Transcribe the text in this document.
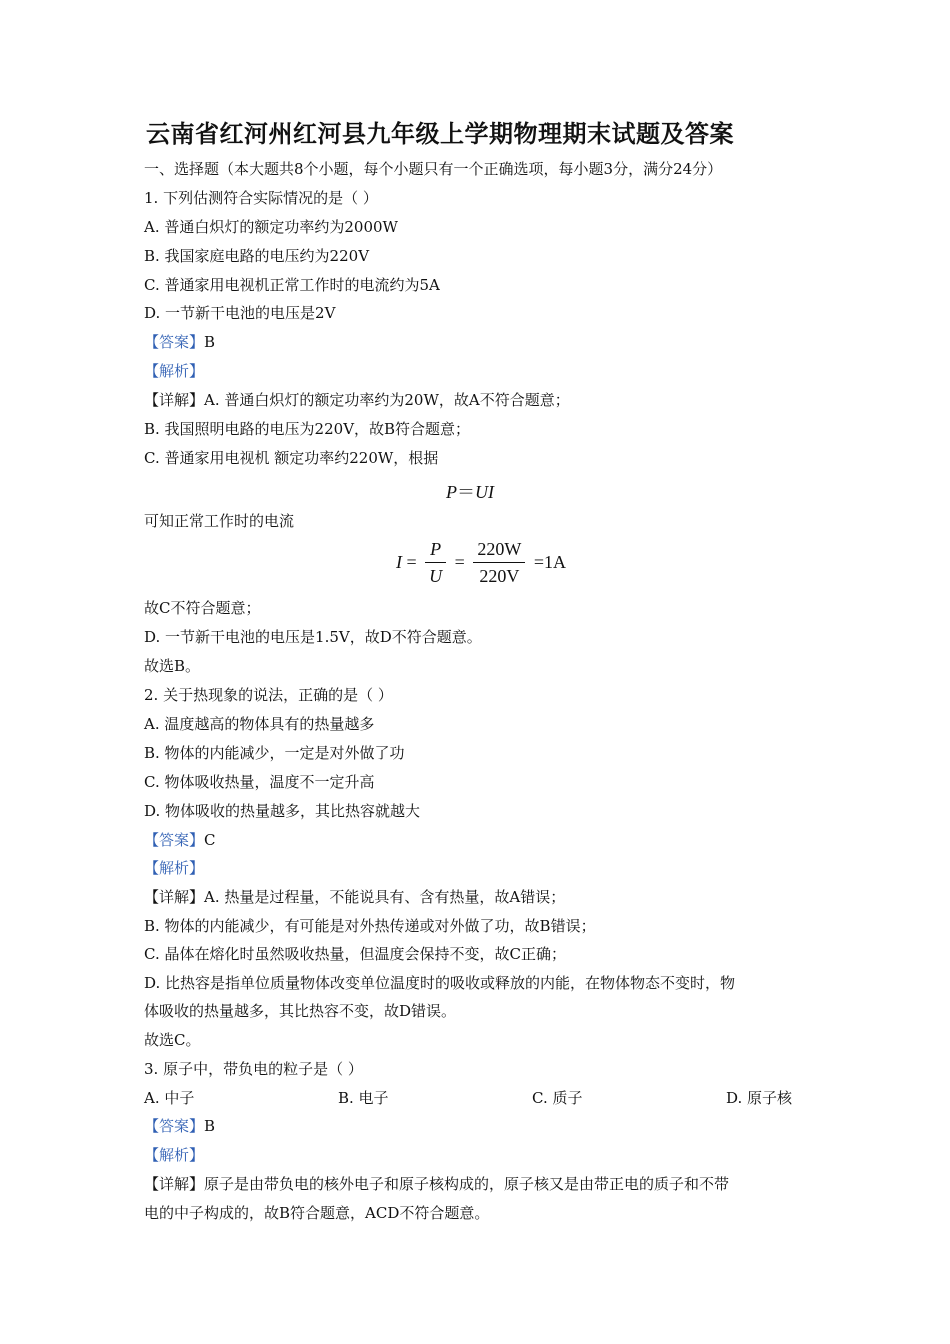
云南省红河州红河县九年级上学期物理期末试题及答案
一、选择题（本大题共8个小题，每个小题只有一个正确选项，每小题3分，满分24分）
1. 下列估测符合实际情况的是（ ）
A. 普通白炽灯的额定功率约为2000W
B. 我国家庭电路的电压约为220V
C. 普通家用电视机正常工作时的电流约为5A
D. 一节新干电池的电压是2V
【答案】B
【解析】
【详解】A. 普通白炽灯的额定功率约为20W，故A不符合题意；
B. 我国照明电路的电压为220V，故B符合题意；
C. 普通家用电视机 额定功率约220W，根据
P＝UI
可知正常工作时的电流
$I = \frac{P}{U} = \frac{220W}{220V} =1A$
故C不符合题意；
D. 一节新干电池的电压是1.5V，故D不符合题意。
故选B。
2. 关于热现象的说法，正确的是（ ）
A. 温度越高的物体具有的热量越多
B. 物体的内能减少，一定是对外做了功
C. 物体吸收热量，温度不一定升高
D. 物体吸收的热量越多，其比热容就越大
【答案】C
【解析】
【详解】A. 热量是过程量，不能说具有、含有热量，故A错误；
B. 物体的内能减少，有可能是对外热传递或对外做了功，故B错误；
C. 晶体在熔化时虽然吸收热量，但温度会保持不变，故C正确；
D. 比热容是指单位质量物体改变单位温度时的吸收或释放的内能，在物体物态不变时，物
体吸收的热量越多，其比热容不变，故D错误。
故选C。
3. 原子中，带负电的粒子是（ ）
A. 中子	B. 电子	C. 质子	D. 原子核
【答案】B
【解析】
【详解】原子是由带负电的核外电子和原子核构成的，原子核又是由带正电的质子和不带
电的中子构成的，故B符合题意，ACD不符合题意。
